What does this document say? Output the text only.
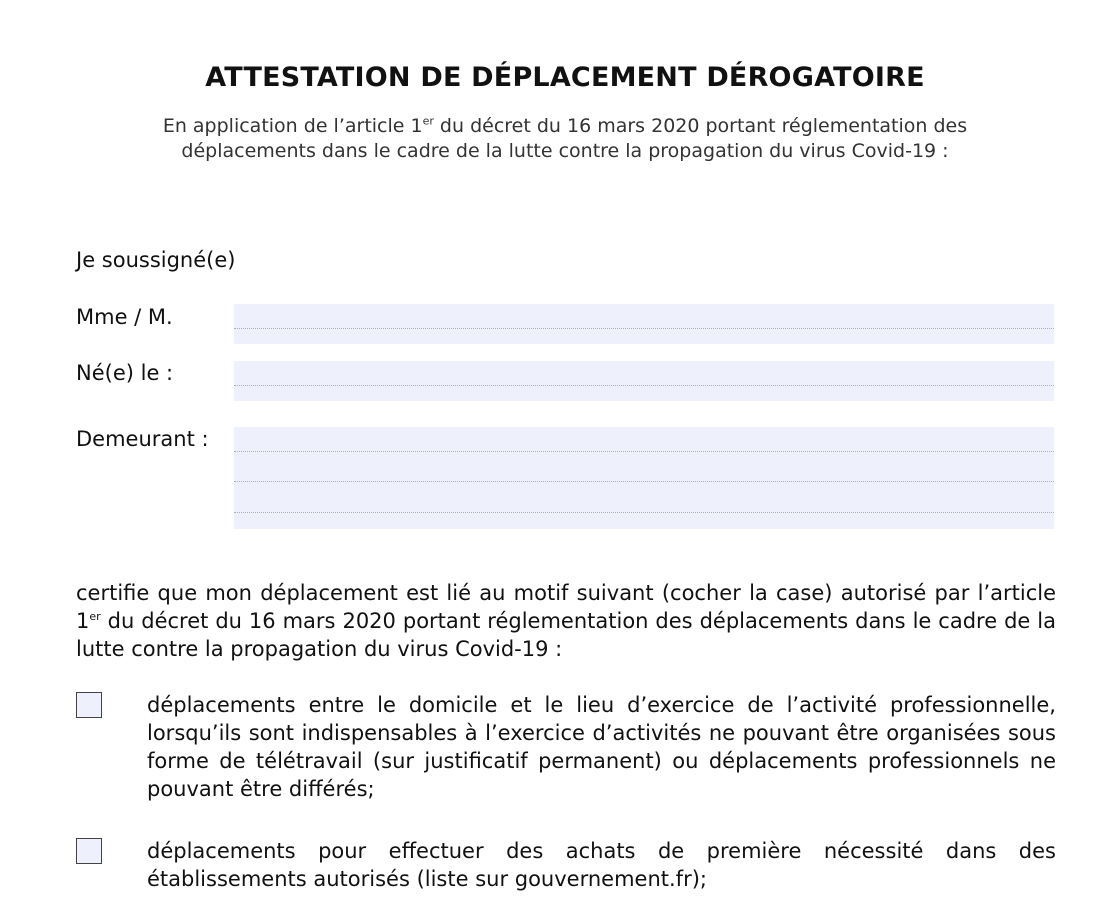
ATTESTATION DE DÉPLACEMENT DÉROGATOIRE
En application de l’article 1er du décret du 16 mars 2020 portant réglementation des déplacements dans le cadre de la lutte contre la propagation du virus Covid-19 :
Je soussigné(e)
Mme / M.
Né(e) le :
Demeurant :
certifie que mon déplacement est lié au motif suivant (cocher la case) autorisé par l’article 1er du décret du 16 mars 2020 portant réglementation des déplacements dans le cadre de la lutte contre la propagation du virus Covid-19 :
déplacements entre le domicile et le lieu d’exercice de l’activité professionnelle, lorsqu’ils sont indispensables à l’exercice d’activités ne pouvant être organisées sous forme de télétravail (sur justificatif permanent) ou déplacements professionnels ne pouvant être différés;
déplacements pour effectuer des achats de première nécessité dans des établissements autorisés (liste sur gouvernement.fr);
